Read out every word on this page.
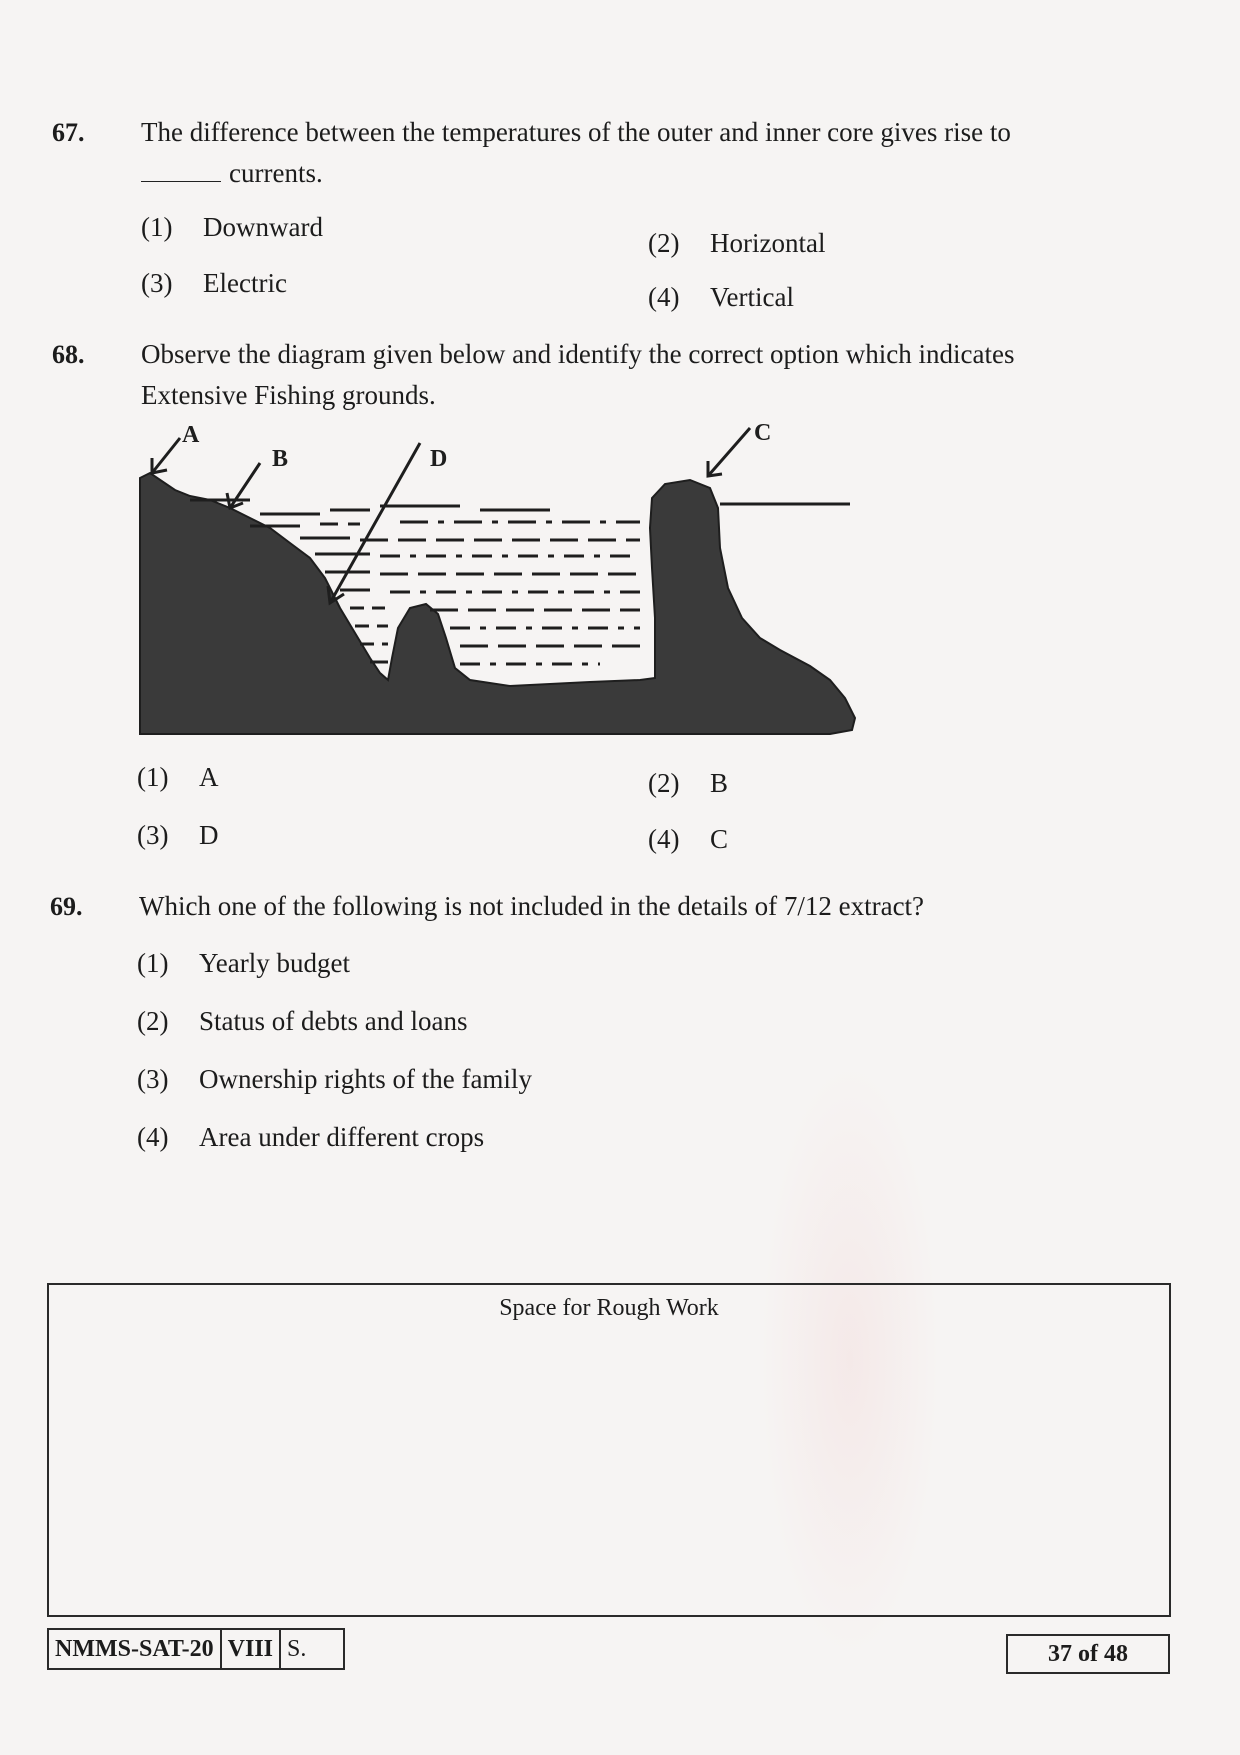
67. The difference between the temperatures of the outer and inner core gives rise to
currents.
(1) Downward
(2) Horizontal
(3) Electric	(4) Vertical
68. Observe the diagram given below and identify the correct option which indicates
Extensive Fishing grounds.
A
B	D
C
(1) A	(2) B
(3) D	(4) C
69. Which one of the following is not included in the details of 7/12 extract?
(1) Yearly budget
(2) Status of debts and loans
(3) Ownership rights of the family
(4) Area under different crops
Space for Rough Work
NMMS-SAT-20 VIII S.	37 of 48
